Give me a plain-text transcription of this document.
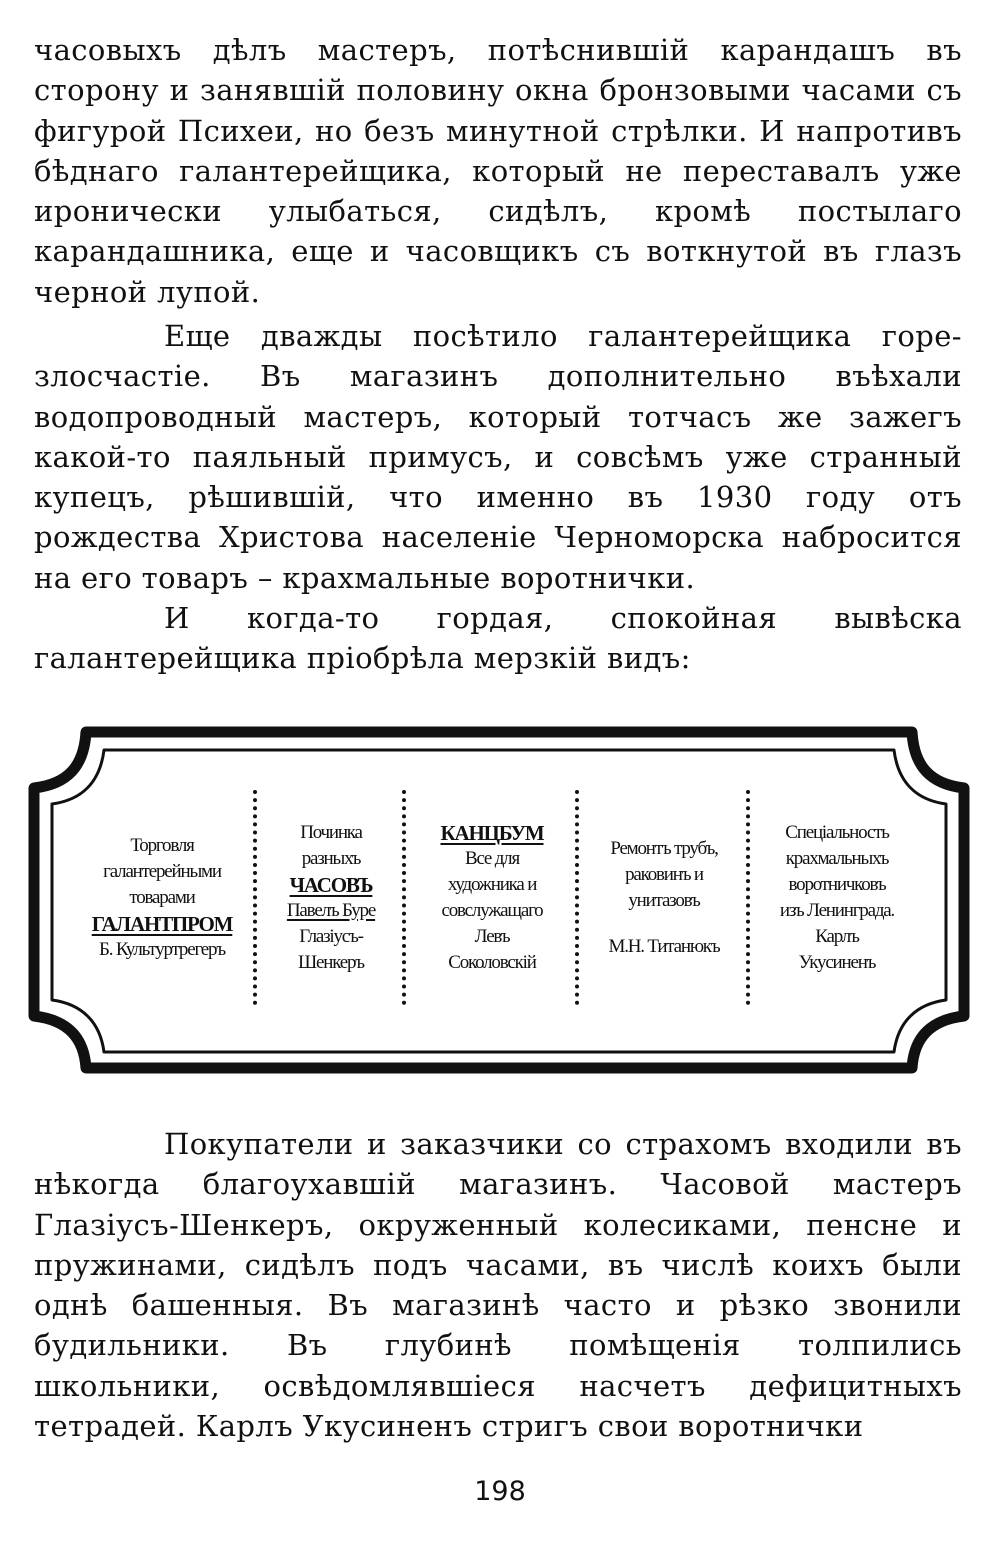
часовыхъ дѣлъ мастеръ, потѣснившій карандашъ въ сторону и занявшій половину окна бронзовыми часами съ фигурой Психеи, но безъ минутной стрѣлки. И напротивъ бѣднаго галантерейщика, который не переставалъ уже иронически улыбаться, сидѣлъ, кромѣ постылаго карандашника, еще и часовщикъ съ воткнутой въ глазъ черной лупой.

Еще дважды посѣтило галантерейщика горе- злосчастіе. Въ магазинъ дополнительно въѣхали водопроводный мастеръ, который тотчасъ же зажегъ какой-то паяльный примусъ, и совсѣмъ уже странный купецъ, рѣшившій, что именно въ 1930 году отъ рождества Христова населеніе Черноморска набросится на его товаръ – крахмальные воротнички.

И когда-то гордая, спокойная вывѣска галантерейщика пріобрѣла мерзкій видъ:

Торговля
галантерейными
товарами
ГАЛАНТПРОМ
Б. Культуртрегеръ
Починка
разныхъ
ЧАСОВЪ
Павелъ Буре
Глазіусъ-
Шенкеръ
КАНЦБУМ
Все для
художника и
совслужащаго
Левъ
Соколовскій
Ремонтъ трубъ,
раковинъ и
унитазовъ
М.Н. Титанюкъ
Спеціальность
крахмальныхъ
воротничковъ
изъ Ленинграда.
Карлъ
Укусиненъ

Покупатели и заказчики со страхомъ входили въ нѣкогда благоухавшій магазинъ. Часовой мастеръ Глазіусъ-Шенкеръ, окруженный колесиками, пенсне и пружинами, сидѣлъ подъ часами, въ числѣ коихъ были однѣ башенныя. Въ магазинѣ часто и рѣзко звонили будильники. Въ глубинѣ помѣщенія толпились школьники, освѣдомлявшіеся насчетъ дефицитныхъ тетрадей. Карлъ Укусиненъ стригъ свои воротнички

198
